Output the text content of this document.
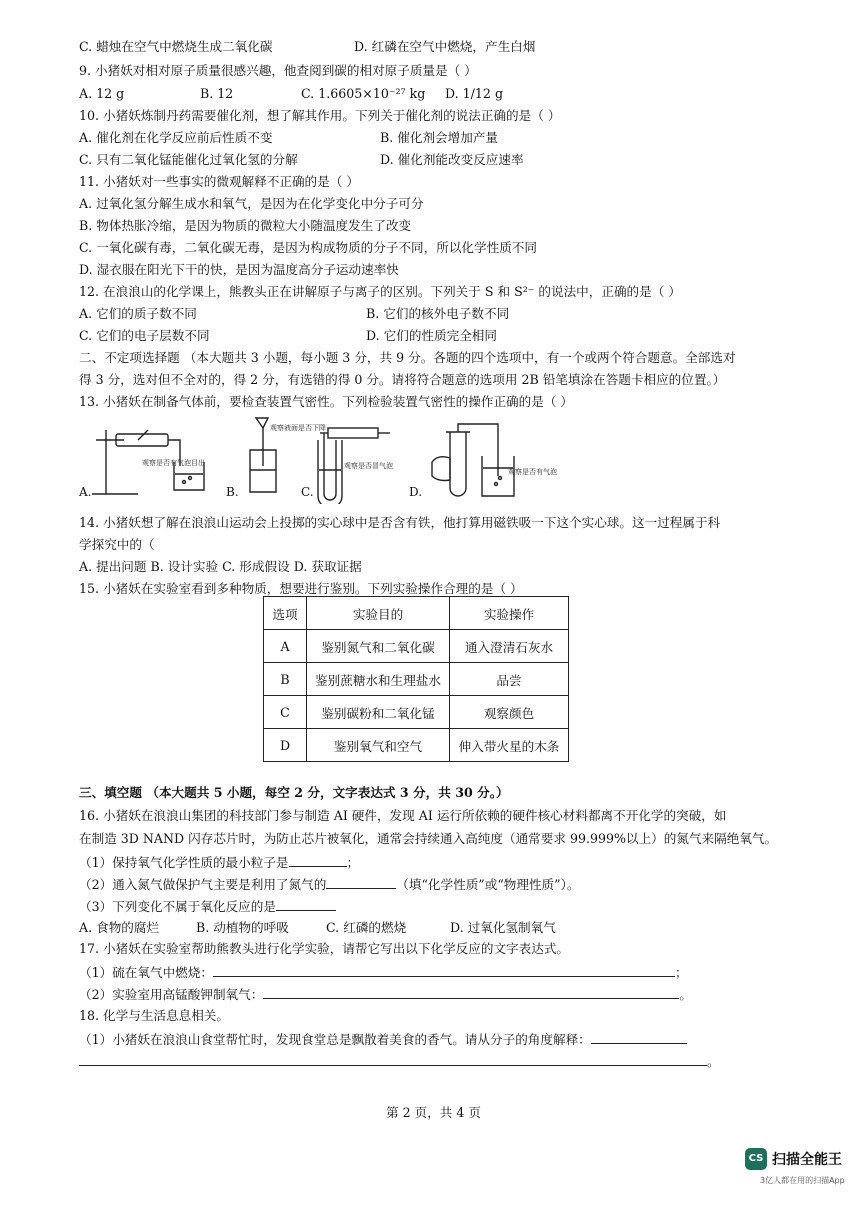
C. 蜡烛在空气中燃烧生成二氧化碳	D. 红磷在空气中燃烧，产生白烟
9. 小猪妖对相对原子质量很感兴趣，他查阅到碳的相对原子质量是（ ）
A. 12 g	B. 12	C. 1.6605×10⁻²⁷ kg D. 1/12 g
10. 小猪妖炼制丹药需要催化剂，想了解其作用。下列关于催化剂的说法正确的是（ ）
A. 催化剂在化学反应前后性质不变	B. 催化剂会增加产量
C. 只有二氧化锰能催化过氧化氢的分解	D. 催化剂能改变反应速率
11. 小猪妖对一些事实的微观解释不正确的是（ ）
A. 过氧化氢分解生成水和氧气，是因为在化学变化中分子可分
B. 物体热胀冷缩，是因为物质的微粒大小随温度发生了改变
C. 一氧化碳有毒，二氧化碳无毒，是因为构成物质的分子不同，所以化学性质不同
D. 湿衣服在阳光下干的快，是因为温度高分子运动速率快
12. 在浪浪山的化学课上，熊教头正在讲解原子与离子的区别。下列关于 S 和 S²⁻ 的说法中，正确的是（ ）
A. 它们的质子数不同	B. 它们的核外电子数不同
C. 它们的电子层数不同	D. 它们的性质完全相同
二、不定项选择题 （本大题共 3 小题，每小题 3 分，共 9 分。各题的四个选项中，有一个或两个符合题意。全部选对
得 3 分，选对但不全对的，得 2 分，有选错的得 0 分。请将符合题意的选项用 2B 铅笔填涂在答题卡相应的位置。）
13. 小猪妖在制备气体前，要检查装置气密性。下列检验装置气密性的操作正确的是（ ）
观察是否有气泡目出
观察液面是否下降
观察是否冒气泡
观察是否有气泡
A.	B.	C.	D.
14. 小猪妖想了解在浪浪山运动会上投掷的实心球中是否含有铁，他打算用磁铁吸一下这个实心球。这一过程属于科
学探究中的（
A. 提出问题 B. 设计实验 C. 形成假设 D. 获取证据
15. 小猪妖在实验室看到多种物质，想要进行鉴别。下列实验操作合理的是（ ）
选项	实验目的	实验操作
A	鉴别氮气和二氧化碳	通入澄清石灰水
B	鉴别蔗糖水和生理盐水	品尝
C	鉴别碳粉和二氧化锰	观察颜色
D	鉴别氧气和空气	伸入带火星的木条
三、填空题 （本大题共 5 小题，每空 2 分，文字表达式 3 分，共 30 分。）
16. 小猪妖在浪浪山集团的科技部门参与制造 AI 硬件，发现 AI 运行所依赖的硬件核心材料都离不开化学的突破，如
在制造 3D NAND 闪存芯片时，为防止芯片被氧化，通常会持续通入高纯度（通常要求 99.999%以上）的氮气来隔绝氧气。
（1）保持氧气化学性质的最小粒子是	；
（2）通入氮气做保护气主要是利用了氮气的	（填“化学性质”或“物理性质”）。
（3）下列变化不属于氧化反应的是
A. 食物的腐烂	B. 动植物的呼吸	C. 红磷的燃烧	D. 过氧化氢制氧气
17. 小猪妖在实验室帮助熊教头进行化学实验，请帮它写出以下化学反应的文字表达式。
（1）硫在氧气中燃烧：	；
（2）实验室用高锰酸钾制氧气：	。
18. 化学与生活息息相关。
（1）小猪妖在浪浪山食堂帮忙时，发现食堂总是飘散着美食的香气。请从分子的角度解释：
。
第 2 页，共 4 页
CS 扫描全能王
3亿人都在用的扫描App
